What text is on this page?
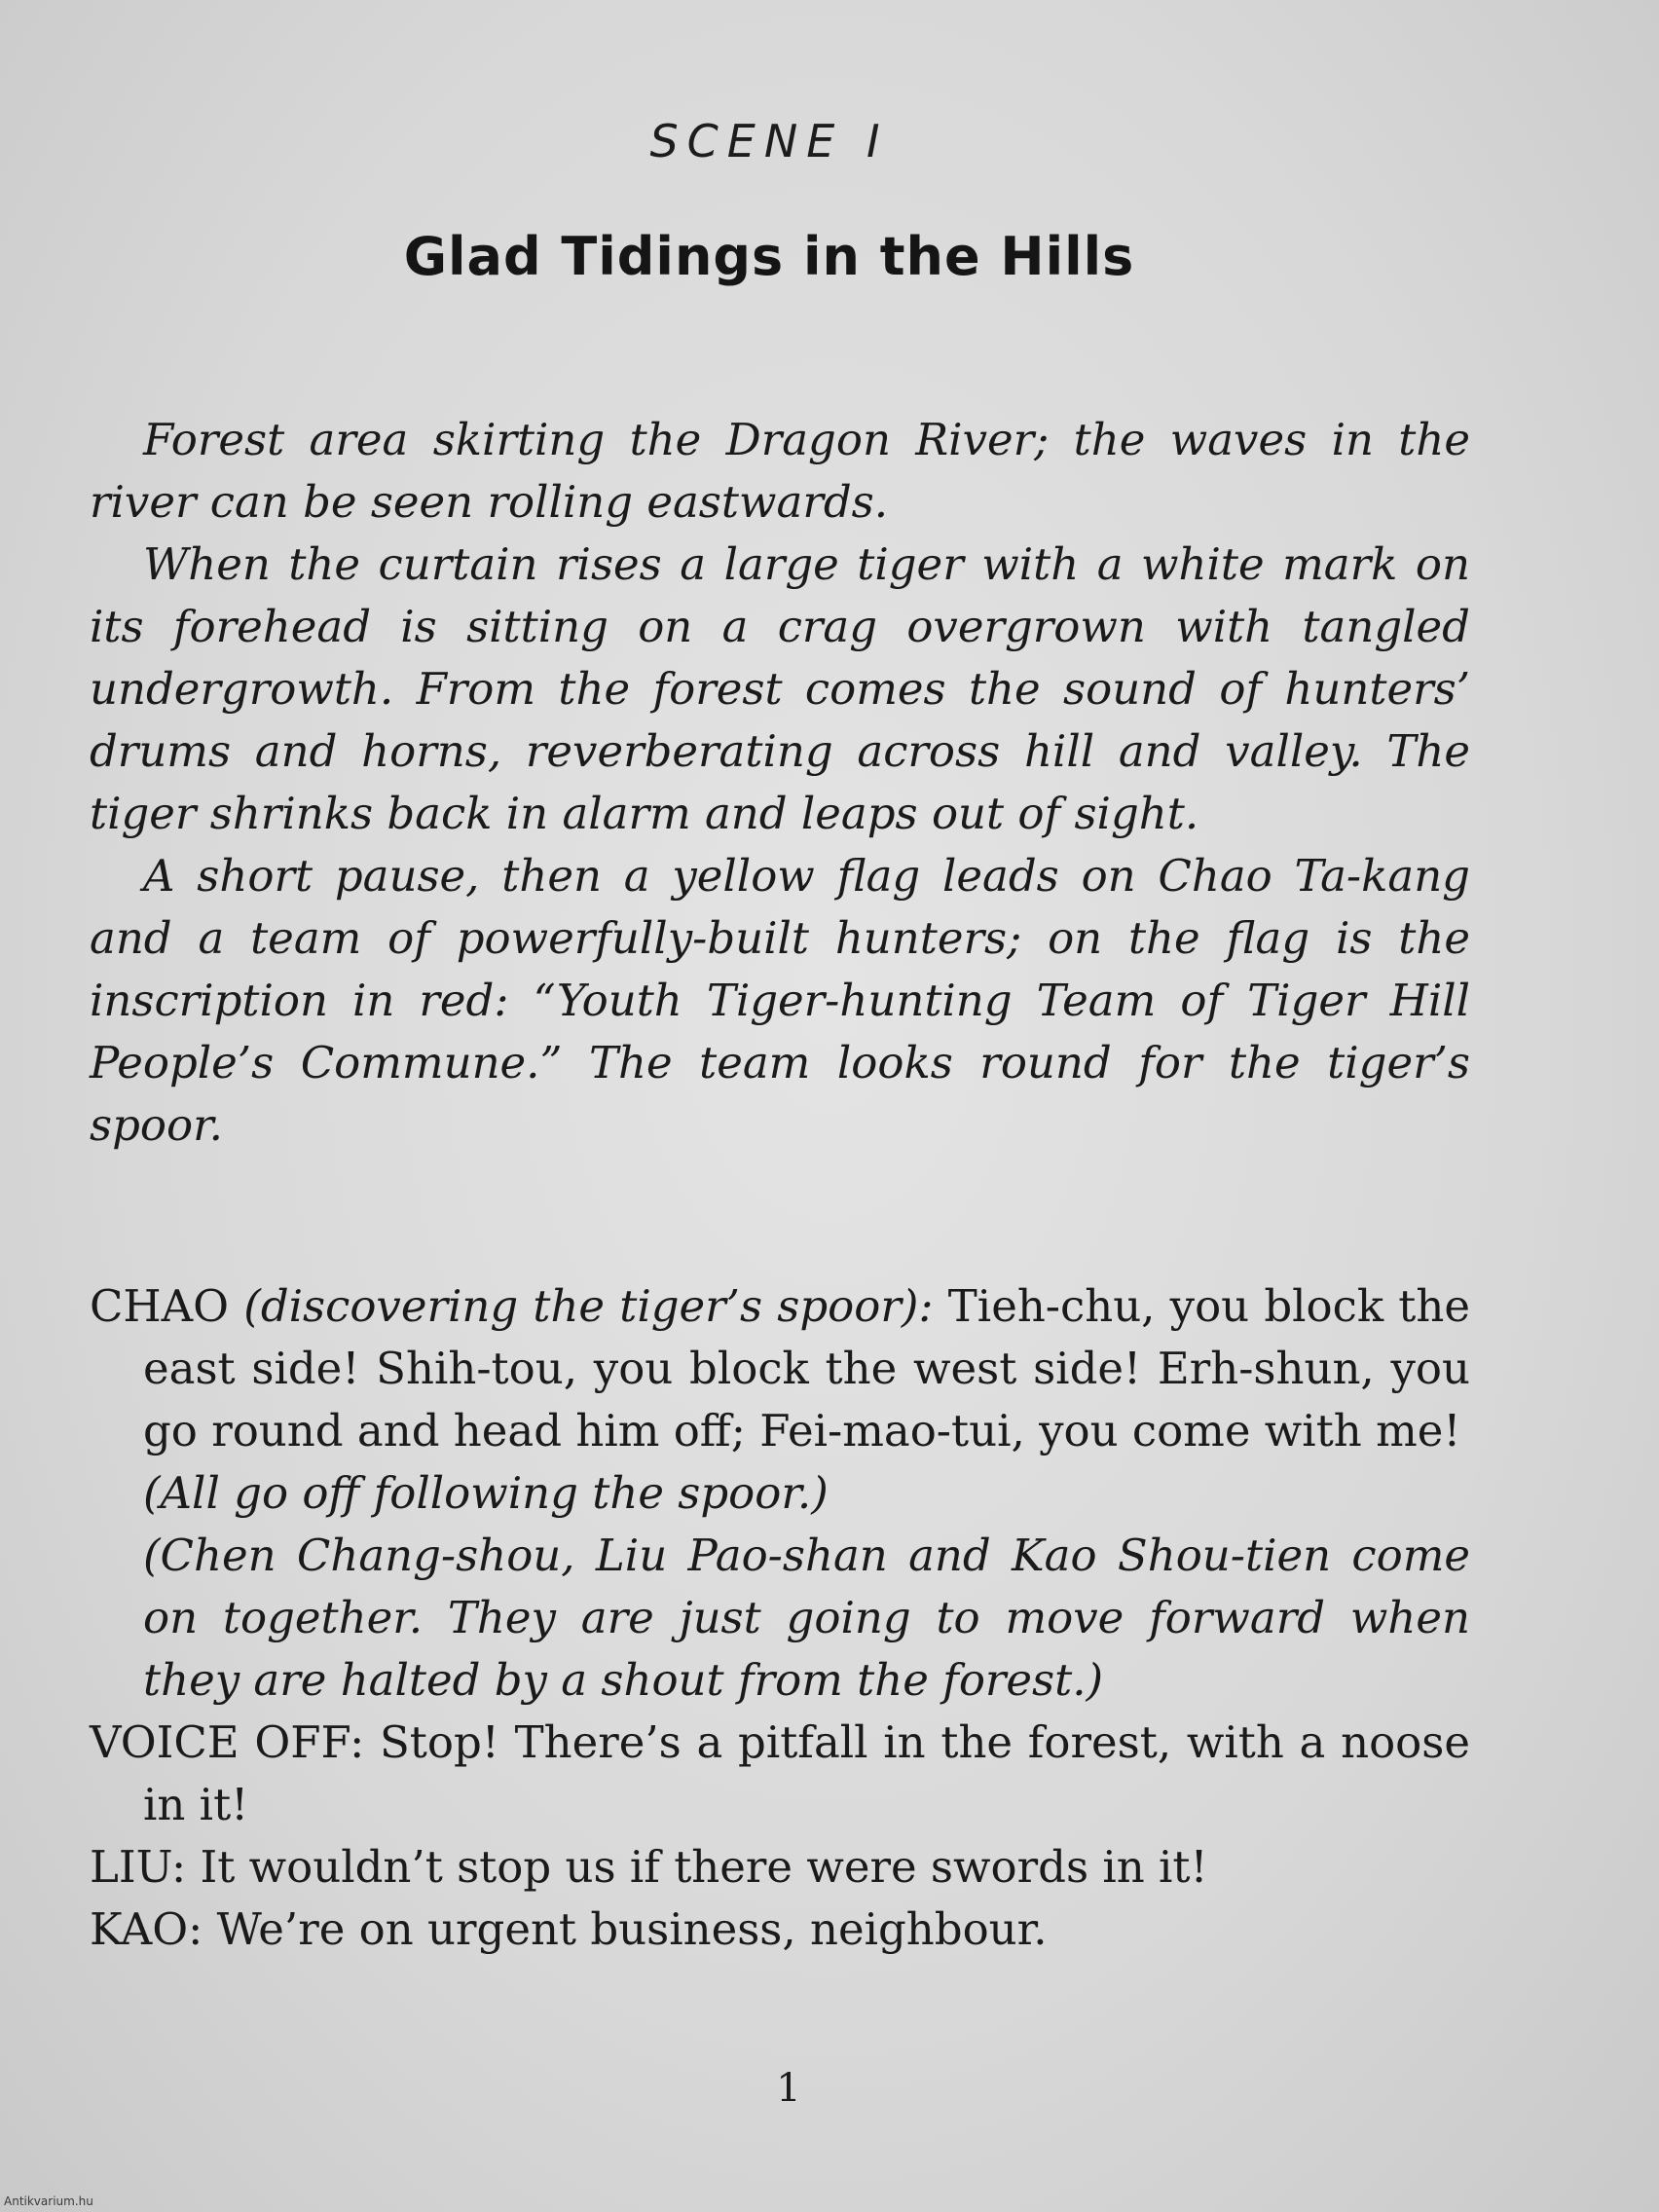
SCENE I
Glad Tidings in the Hills

Forest area skirting the Dragon River; the waves in the river can be seen rolling eastwards.

When the curtain rises a large tiger with a white mark on its forehead is sitting on a crag overgrown with tangled undergrowth. From the forest comes the sound of hunters’ drums and horns, reverberating across hill and valley. The tiger shrinks back in alarm and leaps out of sight.

A short pause, then a yellow flag leads on Chao Ta-kang and a team of powerfully-built hunters; on the flag is the inscription in red: “Youth Tiger-hunting Team of Tiger Hill People’s Commune.” The team looks round for the tiger’s spoor.

CHAO (discovering the tiger’s spoor): Tieh-chu, you block the east side! Shih-tou, you block the west side! Erh-shun, you go round and head him off; Fei-mao-tui, you come with me!

(All go off following the spoor.)

(Chen Chang-shou, Liu Pao-shan and Kao Shou-tien come on together. They are just going to move forward when they are halted by a shout from the forest.)

VOICE OFF: Stop! There’s a pitfall in the forest, with a noose in it!

LIU: It wouldn’t stop us if there were swords in it!

KAO: We’re on urgent business, neighbour.

1
Antikvarium.hu
